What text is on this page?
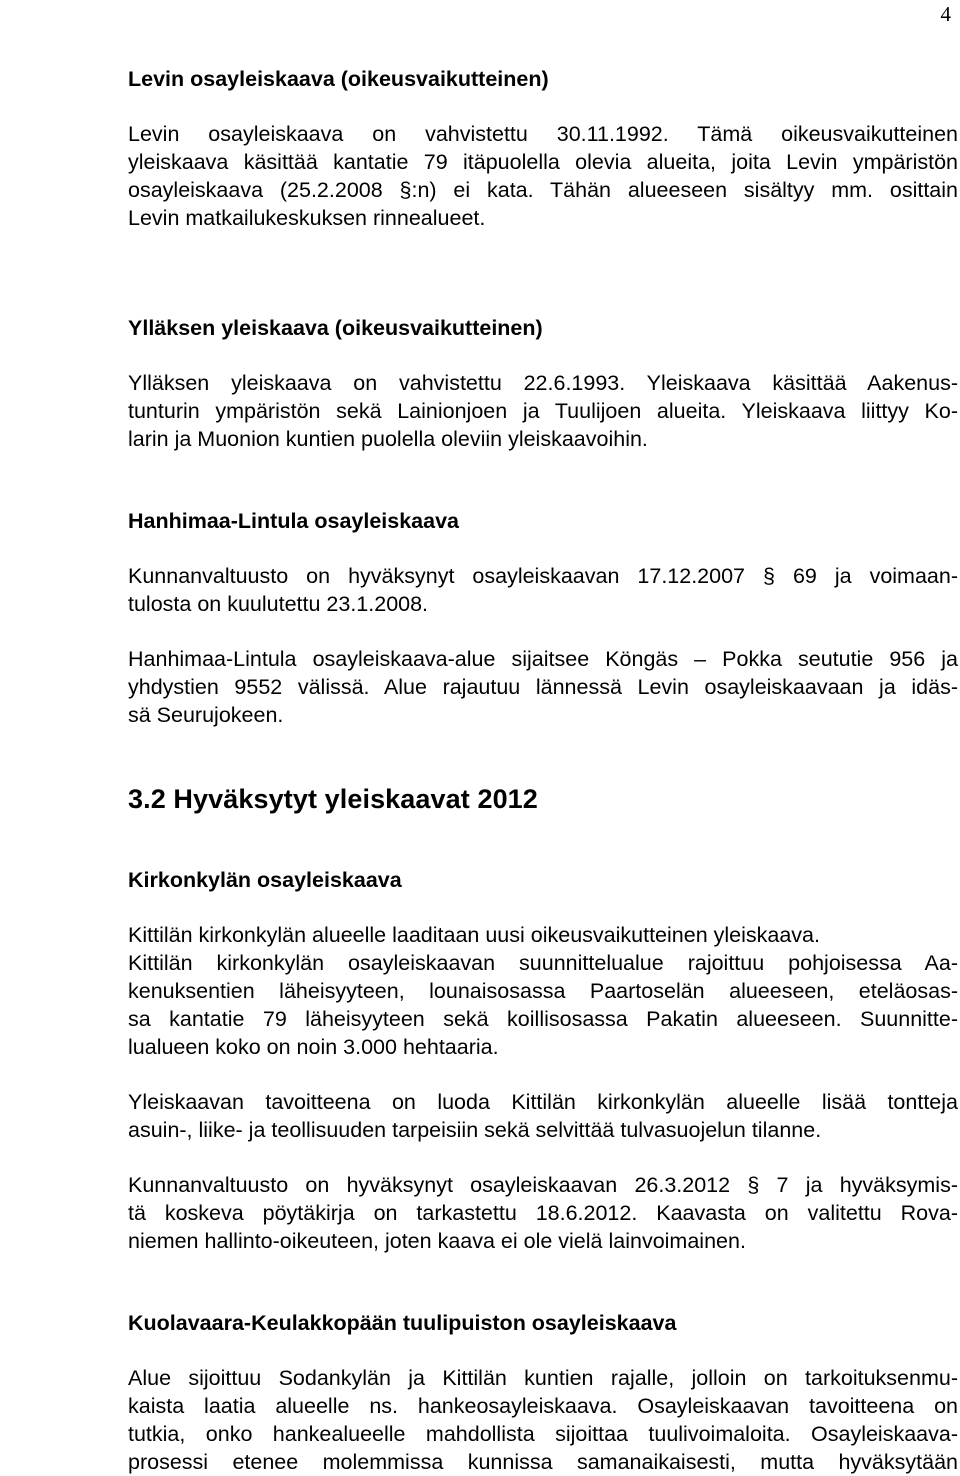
4
Levin osayleiskaava (oikeusvaikutteinen)
Levin osayleiskaava on vahvistettu 30.11.1992. Tämä oikeusvaikutteinen
yleiskaava käsittää kantatie 79 itäpuolella olevia alueita, joita Levin ympäristön
osayleiskaava (25.2.2008 §:n) ei kata. Tähän alueeseen sisältyy mm. osittain
Levin matkailukeskuksen rinnealueet.
Ylläksen yleiskaava (oikeusvaikutteinen)
Ylläksen yleiskaava on vahvistettu 22.6.1993. Yleiskaava käsittää Aakenus-
tunturin ympäristön sekä Lainionjoen ja Tuulijoen alueita. Yleiskaava liittyy Ko-
larin ja Muonion kuntien puolella oleviin yleiskaavoihin.
Hanhimaa-Lintula osayleiskaava
Kunnanvaltuusto on hyväksynyt osayleiskaavan 17.12.2007 § 69 ja voimaan-
tulosta on kuulutettu 23.1.2008.
Hanhimaa-Lintula osayleiskaava-alue sijaitsee Köngäs – Pokka seututie 956 ja
yhdystien 9552 välissä. Alue rajautuu lännessä Levin osayleiskaavaan ja idäs-
sä Seurujokeen.
3.2 Hyväksytyt yleiskaavat 2012
Kirkonkylän osayleiskaava
Kittilän kirkonkylän alueelle laaditaan uusi oikeusvaikutteinen yleiskaava.
Kittilän kirkonkylän osayleiskaavan suunnittelualue rajoittuu pohjoisessa Aa-
kenuksentien läheisyyteen, lounaisosassa Paartoselän alueeseen, eteläosas-
sa kantatie 79 läheisyyteen sekä koillisosassa Pakatin alueeseen. Suunnitte-
lualueen koko on noin 3.000 hehtaaria.
Yleiskaavan tavoitteena on luoda Kittilän kirkonkylän alueelle lisää tontteja
asuin-, liike- ja teollisuuden tarpeisiin sekä selvittää tulvasuojelun tilanne.
Kunnanvaltuusto on hyväksynyt osayleiskaavan 26.3.2012 § 7 ja hyväksymis-
tä koskeva pöytäkirja on tarkastettu 18.6.2012. Kaavasta on valitettu Rova-
niemen hallinto-oikeuteen, joten kaava ei ole vielä lainvoimainen.
Kuolavaara-Keulakkopään tuulipuiston osayleiskaava
Alue sijoittuu Sodankylän ja Kittilän kuntien rajalle, jolloin on tarkoituksenmu-
kaista laatia alueelle ns. hankeosayleiskaava. Osayleiskaavan tavoitteena on
tutkia, onko hankealueelle mahdollista sijoittaa tuulivoimaloita. Osayleiskaava-
prosessi etenee molemmissa kunnissa samanaikaisesti, mutta hyväksytään
